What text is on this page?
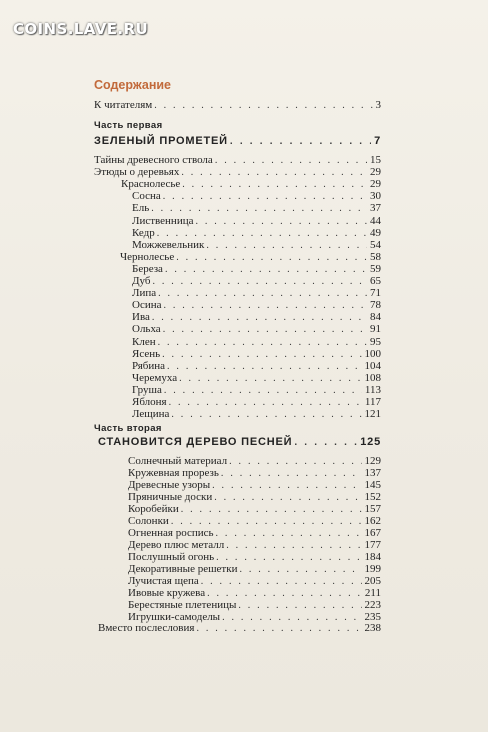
COINS.LAVE.RU
Содержание
К читателям . . .	3
Часть первая
ЗЕЛЕНЫЙ ПРОМЕТЕЙ . . .	7
Тайны древесного ствола . . .	15
Этюды о деревьях . . .	29
Краснолесье . . .	29
Сосна . . .	30
Ель . . .	37
Лиственница . . .	44
Кедр . . .	49
Можжевельник . . .	54
Чернолесье . . .	58
Береза . . .	59
Дуб . . .	65
Липа . . .	71
Осина . . .	78
Ива . . .	84
Ольха . . .	91
Клен . . .	95
Ясень . . .	100
Рябина . . .	104
Черемуха . . .	108
Груша . . .	113
Яблоня . . .	117
Лещина . . .	121
Часть вторая
СТАНОВИТСЯ ДЕРЕВО ПЕСНЕЙ . . .	125
Солнечный материал . . .	129
Кружевная прорезь . . .	137
Древесные узоры . . .	145
Пряничные доски . . .	152
Коробейки . . .	157
Солонки . . .	162
Огненная роспись . . .	167
Дерево плюс металл . . .	177
Послушный огонь . . .	184
Декоративные решетки . . .	199
Лучистая щепа . . .	205
Ивовые кружева . . .	211
Берестяные плетеницы . . .	223
Игрушки-самоделы . . .	235
Вместо послесловия . . .	238
